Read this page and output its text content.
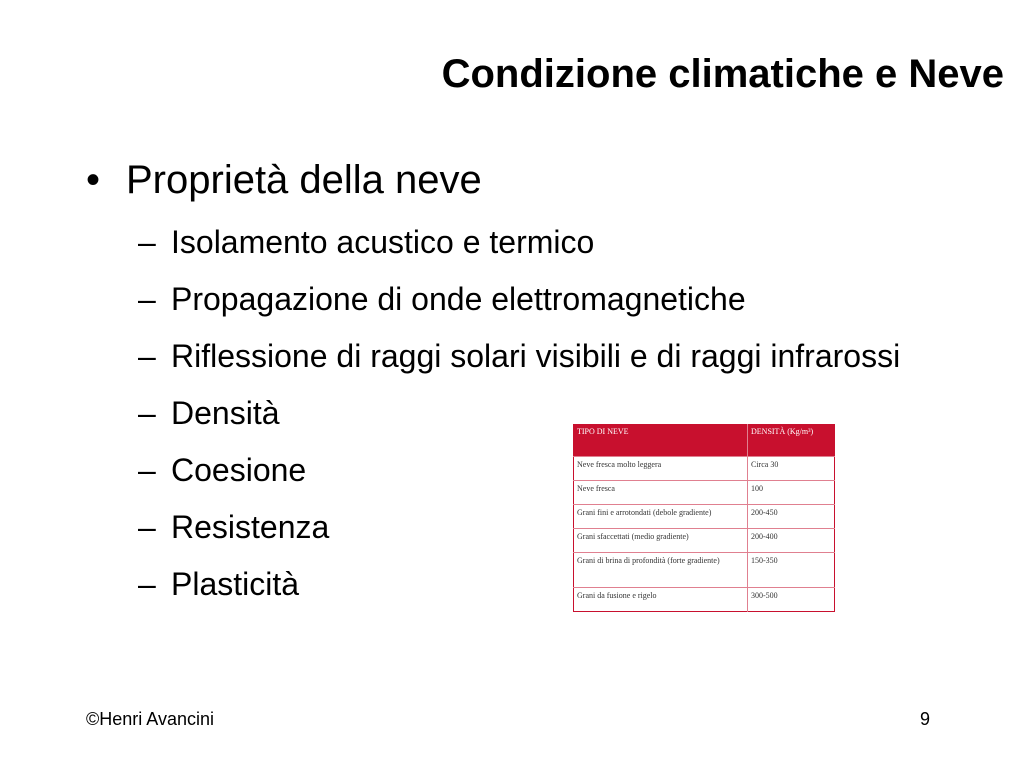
Condizione climatiche e Neve
• Proprietà della neve
– Isolamento acustico e termico
– Propagazione di onde elettromagnetiche
– Riflessione di raggi solari visibili e di raggi infrarossi
– Densità
– Coesione
– Resistenza
– Plasticità
TIPO DI NEVE	DENSITÀ (Kg/m³)
Neve fresca molto leggera	Circa 30
Neve fresca	100
Grani fini e arrotondati (debole gradiente)	200-450
Grani sfaccettati (medio gradiente)	200-400
Grani di brina di profondità (forte gradiente)	150-350
Grani da fusione e rigelo	300-500
©Henri Avancini	9
